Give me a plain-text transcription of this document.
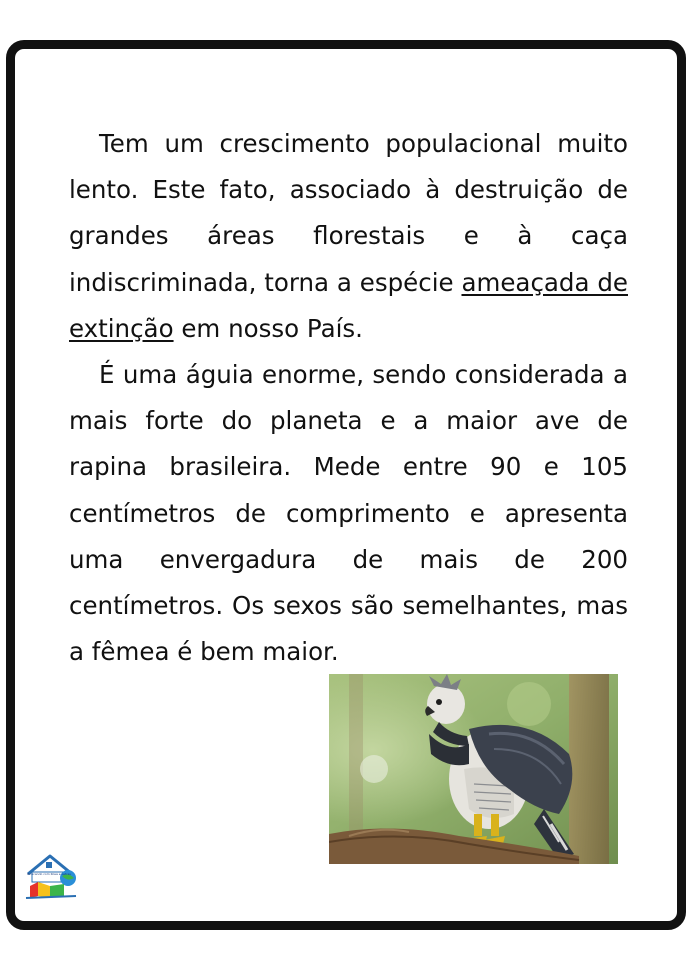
Tem um crescimento populacional muito lento. Este fato, associado à destruição de grandes áreas florestais e à caça indiscriminada, torna a espécie ameaçada de extinção em nosso País.

É uma águia enorme, sendo considerada a mais forte do planeta e a maior ave de rapina brasileira. Mede entre 90 e 105 centímetros de comprimento e apresenta uma envergadura de mais de 200 centímetros. Os sexos são semelhantes, mas a fêmea é bem maior.

Brincando com Rosa e Letras
